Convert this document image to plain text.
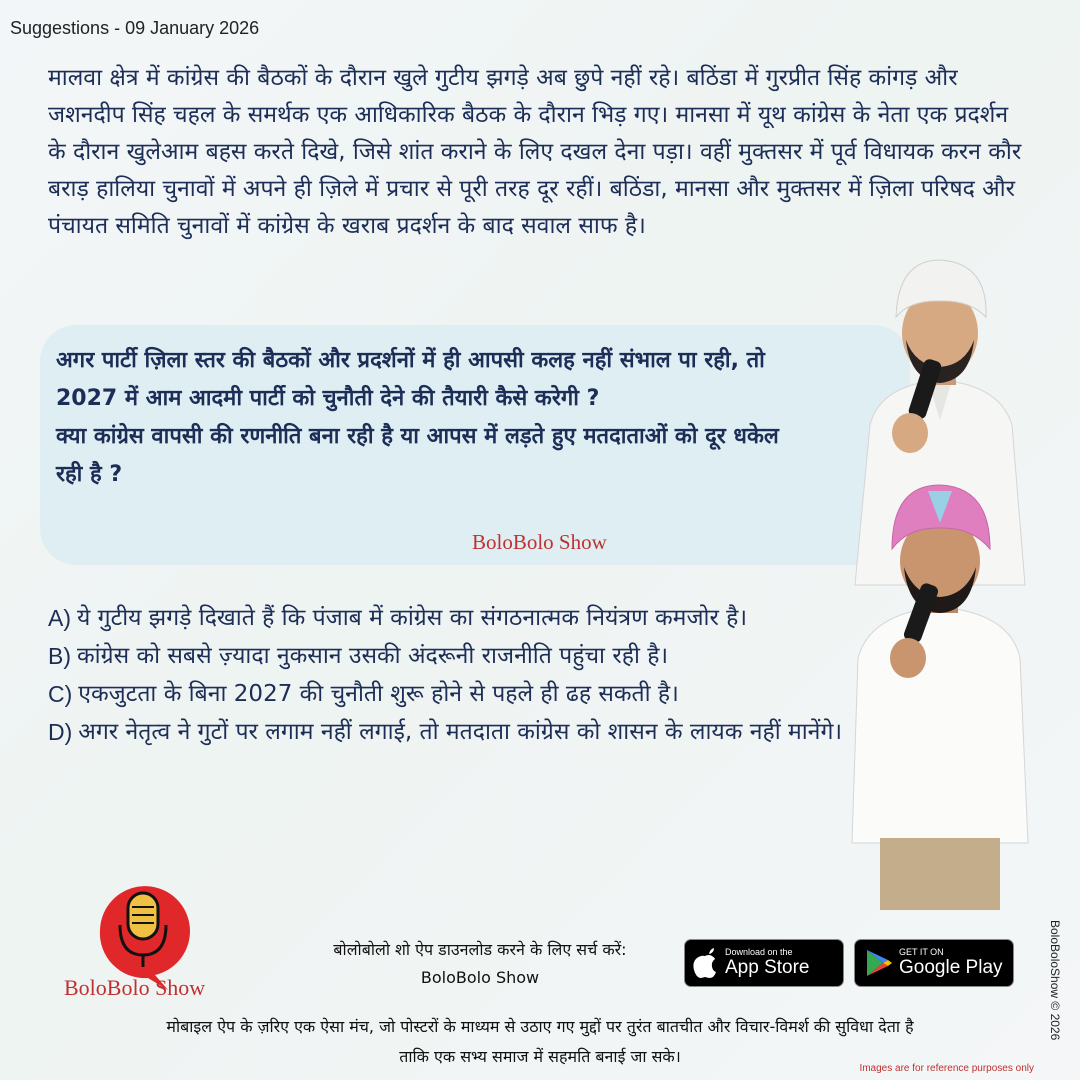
Suggestions - 09 January 2026

मालवा क्षेत्र में कांग्रेस की बैठकों के दौरान खुले गुटीय झगड़े अब छुपे नहीं रहे। बठिंडा में गुरप्रीत सिंह कांगड़ और जशनदीप सिंह चहल के समर्थक एक आधिकारिक बैठक के दौरान भिड़ गए। मानसा में यूथ कांग्रेस के नेता एक प्रदर्शन के दौरान खुलेआम बहस करते दिखे, जिसे शांत कराने के लिए दखल देना पड़ा। वहीं मुक्तसर में पूर्व विधायक करन कौर बराड़ हालिया चुनावों में अपने ही ज़िले में प्रचार से पूरी तरह दूर रहीं। बठिंडा, मानसा और मुक्तसर में ज़िला परिषद और पंचायत समिति चुनावों में कांग्रेस के खराब प्रदर्शन के बाद सवाल साफ है।

अगर पार्टी ज़िला स्तर की बैठकों और प्रदर्शनों में ही आपसी कलह नहीं संभाल पा रही, तो 2027 में आम आदमी पार्टी को चुनौती देने की तैयारी कैसे करेगी ?

क्या कांग्रेस वापसी की रणनीति बना रही है या आपस में लड़ते हुए मतदाताओं को दूर धकेल रही है ?

BoloBolo Show
A) ये गुटीय झगड़े दिखाते हैं कि पंजाब में कांग्रेस का संगठनात्मक नियंत्रण कमजोर है।
B) कांग्रेस को सबसे ज़्यादा नुकसान उसकी अंदरूनी राजनीति पहुंचा रही है।
C) एकजुटता के बिना 2027 की चुनौती शुरू होने से पहले ही ढह सकती है।
D) अगर नेतृत्व ने गुटों पर लगाम नहीं लगाई, तो मतदाता कांग्रेस को शासन के लायक नहीं मानेंगे।
BoloBolo Show
बोलोबोलो शो ऐप डाउनलोड करने के लिए सर्च करें:
BoloBolo Show
Download on the
App Store
GET IT ON
Google Play
मोबाइल ऐप के ज़रिए एक ऐसा मंच, जो पोस्टरों के माध्यम से उठाए गए मुद्दों पर तुरंत बातचीत और विचार-विमर्श की सुविधा देता है
ताकि एक सभ्य समाज में सहमति बनाई जा सके।
Images are for reference purposes only
BoloBoloShow © 2026
